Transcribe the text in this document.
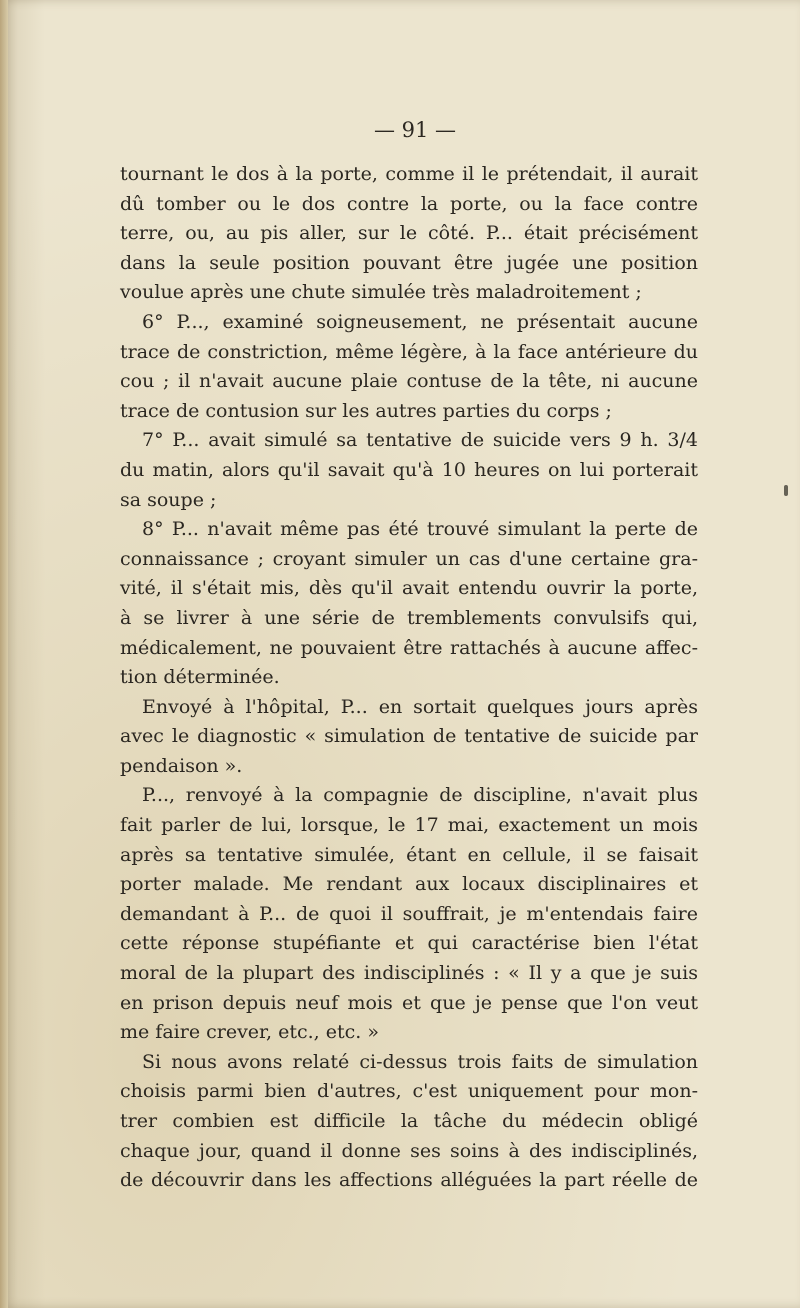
— 91 —
tournant le dos à la porte, comme il le prétendait, il aurait
dû tomber ou le dos contre la porte, ou la face contre
terre, ou, au pis aller, sur le côté. P... était précisément
dans la seule position pouvant être jugée une position
voulue après une chute simulée très maladroitement ;
6° P..., examiné soigneusement, ne présentait aucune
trace de constriction, même légère, à la face antérieure du
cou ; il n'avait aucune plaie contuse de la tête, ni aucune
trace de contusion sur les autres parties du corps ;
7° P... avait simulé sa tentative de suicide vers 9 h. 3/4
du matin, alors qu'il savait qu'à 10 heures on lui porterait
sa soupe ;
8° P... n'avait même pas été trouvé simulant la perte de
connaissance ; croyant simuler un cas d'une certaine gra-
vité, il s'était mis, dès qu'il avait entendu ouvrir la porte,
à se livrer à une série de tremblements convulsifs qui,
médicalement, ne pouvaient être rattachés à aucune affec-
tion déterminée.
Envoyé à l'hôpital, P... en sortait quelques jours après
avec le diagnostic « simulation de tentative de suicide par
pendaison ».
P..., renvoyé à la compagnie de discipline, n'avait plus
fait parler de lui, lorsque, le 17 mai, exactement un mois
après sa tentative simulée, étant en cellule, il se faisait
porter malade. Me rendant aux locaux disciplinaires et
demandant à P... de quoi il souffrait, je m'entendais faire
cette réponse stupéfiante et qui caractérise bien l'état
moral de la plupart des indisciplinés : « Il y a que je suis
en prison depuis neuf mois et que je pense que l'on veut
me faire crever, etc., etc. »
Si nous avons relaté ci-dessus trois faits de simulation
choisis parmi bien d'autres, c'est uniquement pour mon-
trer combien est difficile la tâche du médecin obligé
chaque jour, quand il donne ses soins à des indisciplinés,
de découvrir dans les affections alléguées la part réelle de
